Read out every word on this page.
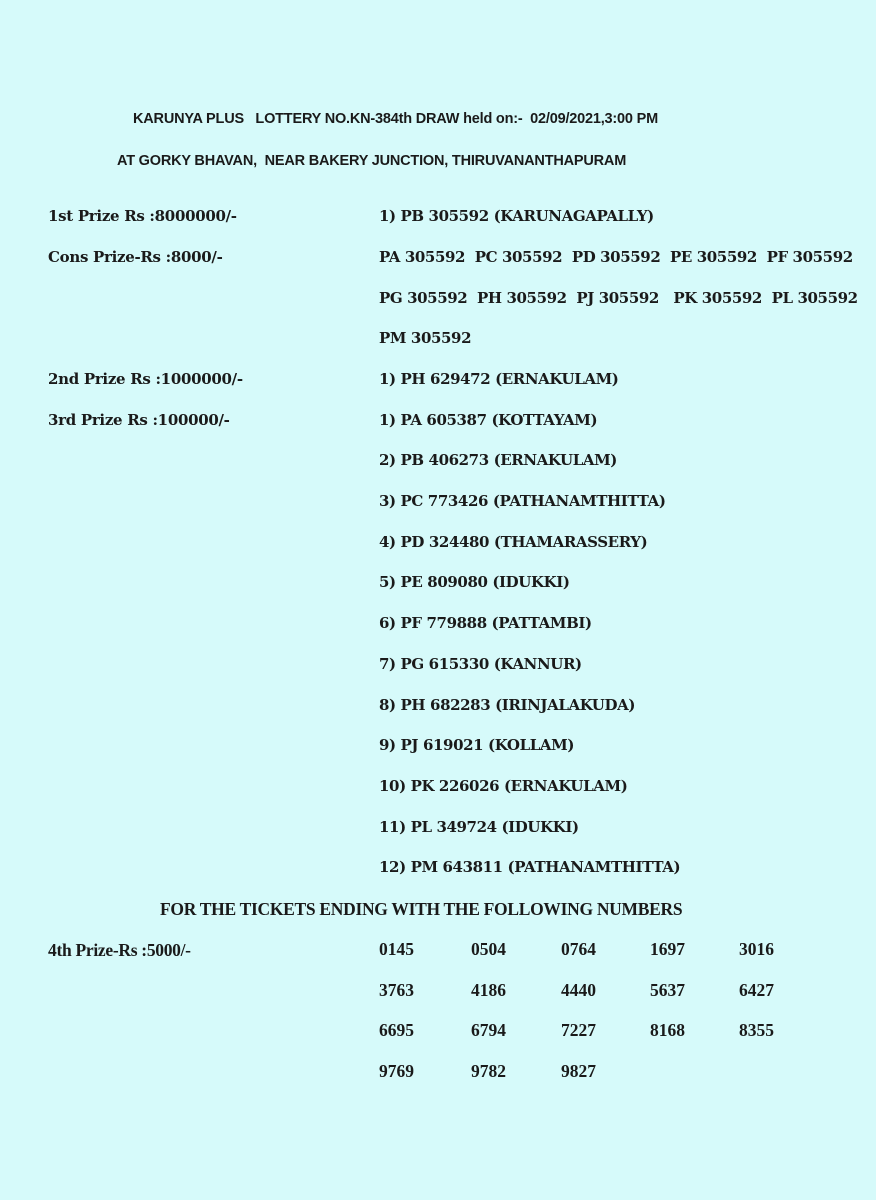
KARUNYA PLUS   LOTTERY NO.KN-384th DRAW held on:-  02/09/2021,3:00 PM
AT GORKY BHAVAN,  NEAR BAKERY JUNCTION, THIRUVANANTHAPURAM
1st Prize Rs :8000000/-	1) PB 305592 (KARUNAGAPALLY)
Cons Prize-Rs :8000/-	PA 305592  PC 305592  PD 305592  PE 305592  PF 305592
PG 305592  PH 305592  PJ 305592   PK 305592  PL 305592
PM 305592
2nd Prize Rs :1000000/-	1) PH 629472 (ERNAKULAM)
3rd Prize Rs :100000/-	1) PA 605387 (KOTTAYAM)
2) PB 406273 (ERNAKULAM)
3) PC 773426 (PATHANAMTHITTA)
4) PD 324480 (THAMARASSERY)
5) PE 809080 (IDUKKI)
6) PF 779888 (PATTAMBI)
7) PG 615330 (KANNUR)
8) PH 682283 (IRINJALAKUDA)
9) PJ 619021 (KOLLAM)
10) PK 226026 (ERNAKULAM)
11) PL 349724 (IDUKKI)
12) PM 643811 (PATHANAMTHITTA)
FOR THE TICKETS ENDING WITH THE FOLLOWING NUMBERS
4th Prize-Rs :5000/-	0145	0504	0764	1697	3016
3763	4186	4440	5637	6427
6695	6794	7227	8168	8355
9769	9782	9827
